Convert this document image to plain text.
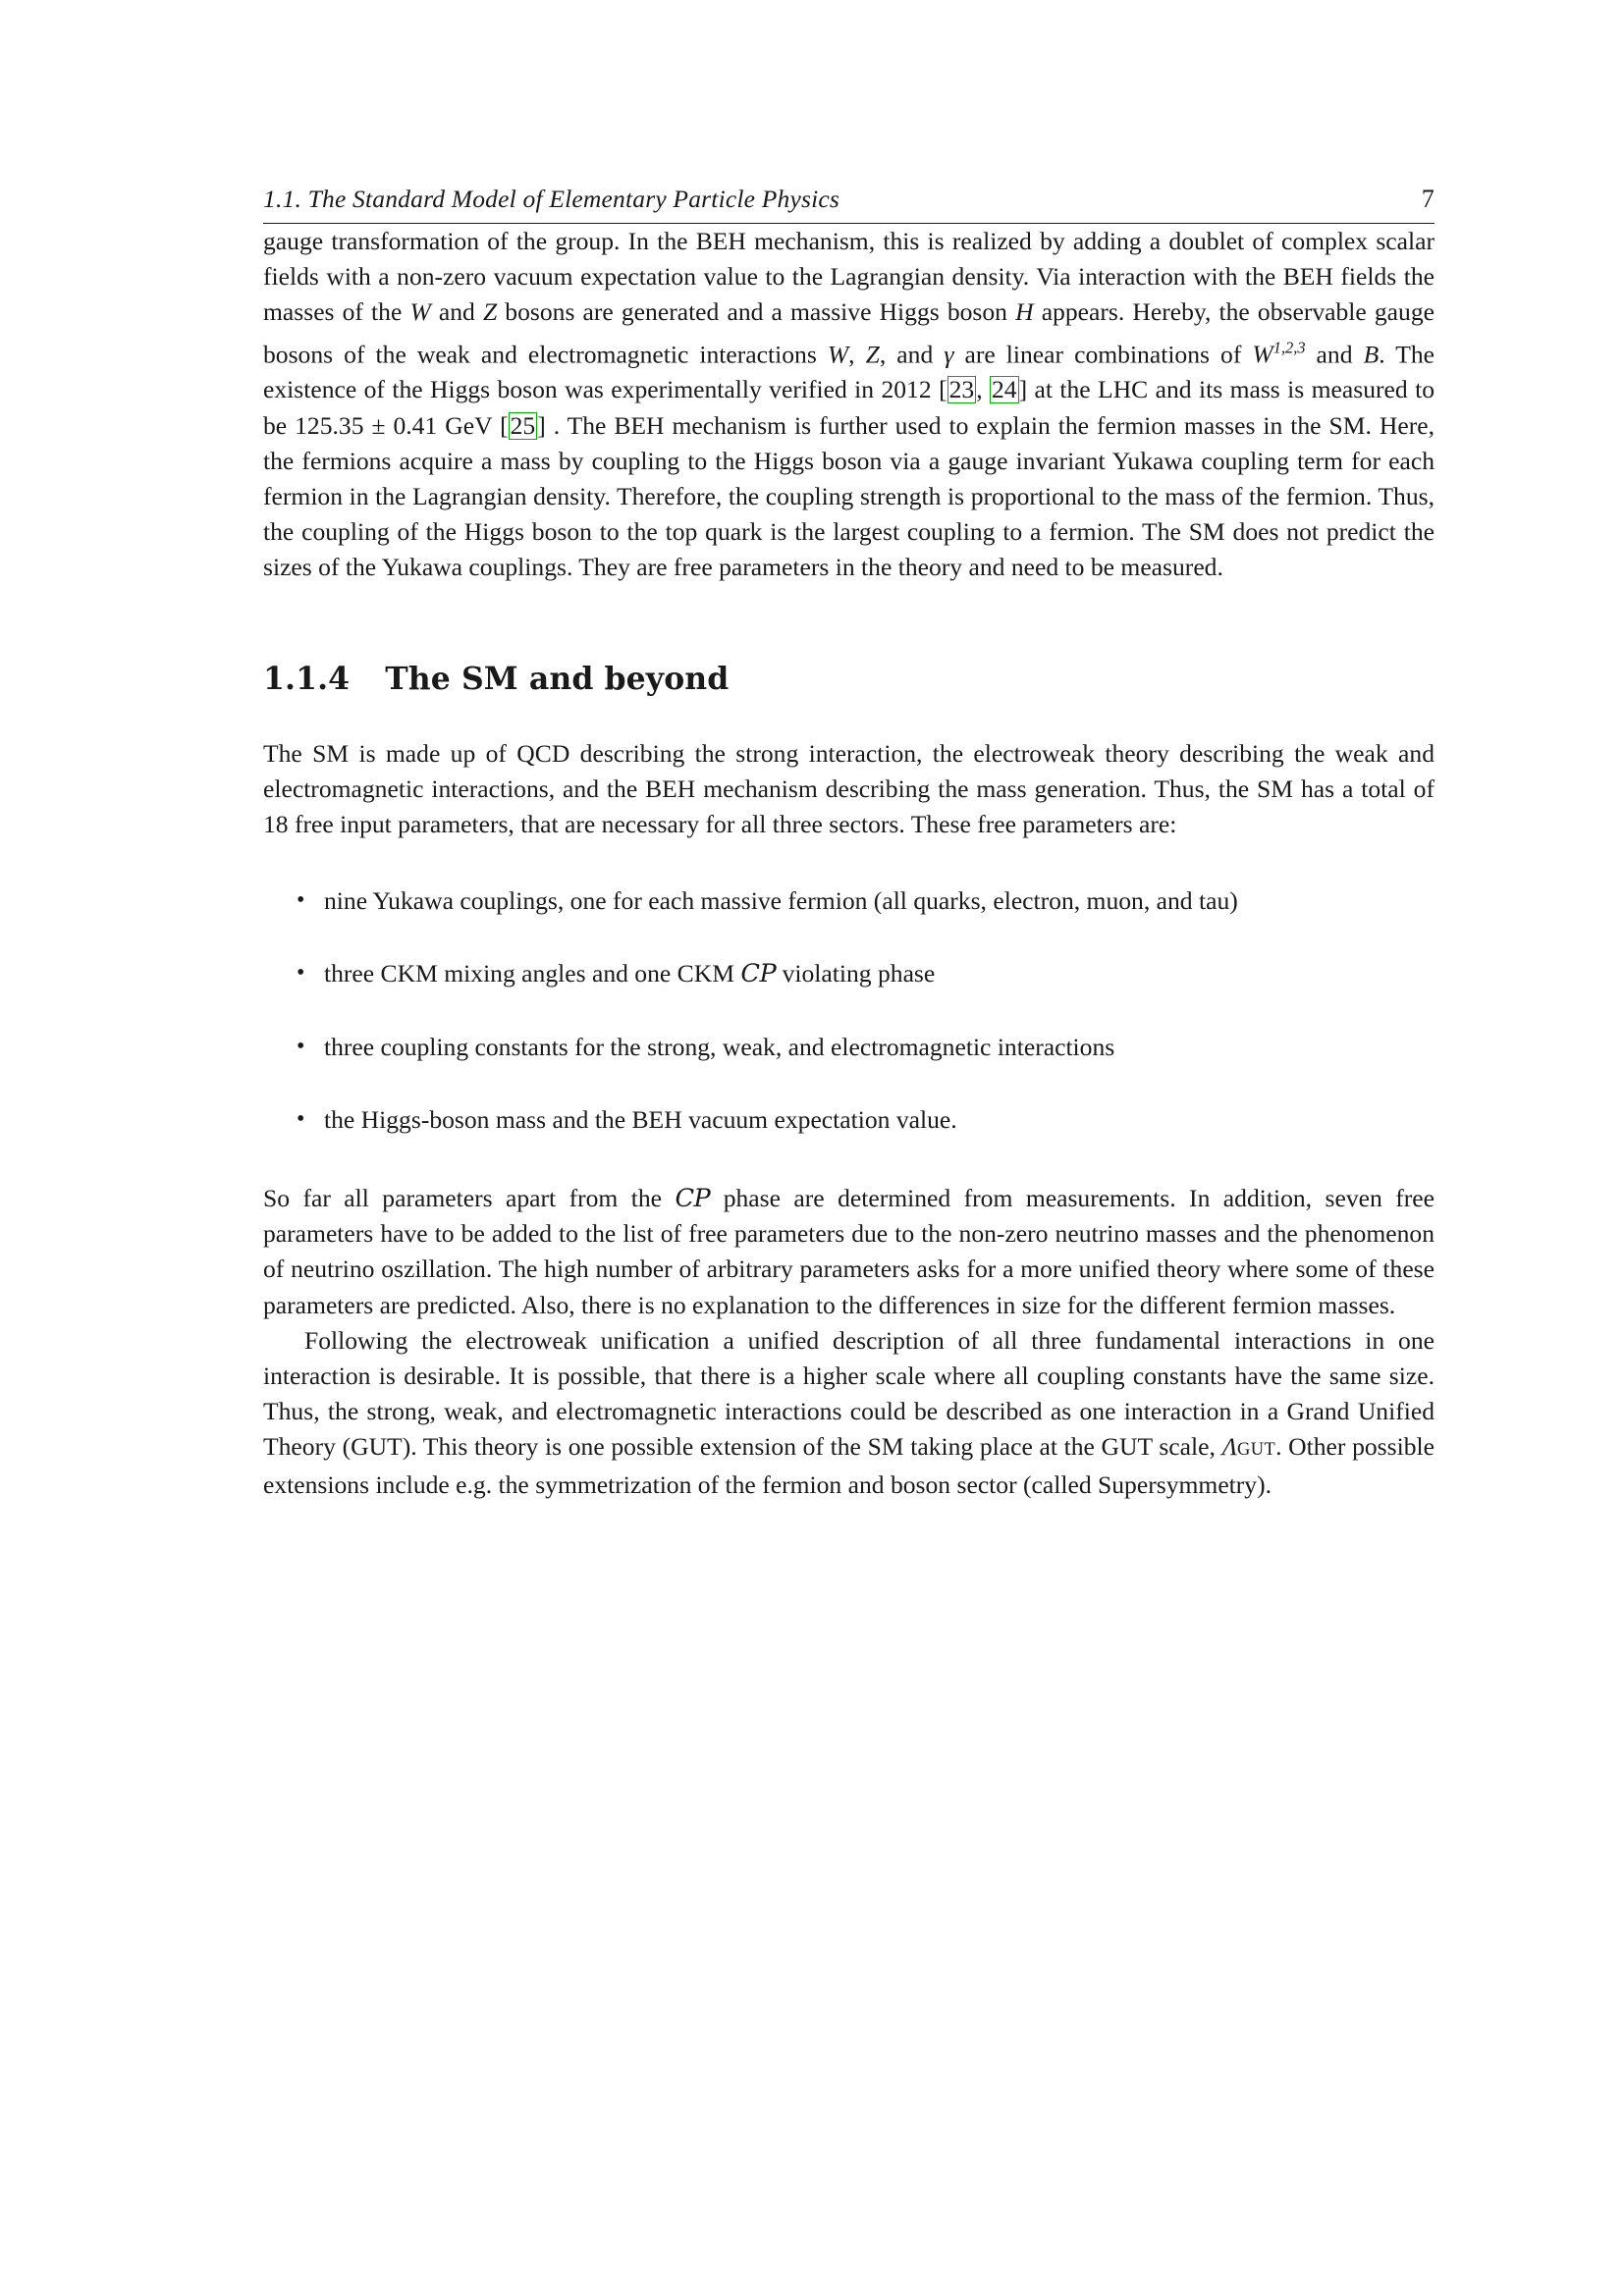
1.1. The Standard Model of Elementary Particle Physics	7

gauge transformation of the group. In the BEH mechanism, this is realized by adding a doublet of complex scalar fields with a non-zero vacuum expectation value to the Lagrangian density. Via interaction with the BEH fields the masses of the W and Z bosons are generated and a massive Higgs boson H appears. Hereby, the observable gauge bosons of the weak and electromagnetic interactions W, Z, and γ are linear combinations of W$^{1,2,3}$ and B. The existence of the Higgs boson was experimentally verified in 2012 [23, 24] at the LHC and its mass is measured to be 125.35 ± 0.41 GeV [25] . The BEH mechanism is further used to explain the fermion masses in the SM. Here, the fermions acquire a mass by coupling to the Higgs boson via a gauge invariant Yukawa coupling term for each fermion in the Lagrangian density. Therefore, the coupling strength is proportional to the mass of the fermion. Thus, the coupling of the Higgs boson to the top quark is the largest coupling to a fermion. The SM does not predict the sizes of the Yukawa couplings. They are free parameters in the theory and need to be measured.

1.1.4 The SM and beyond

The SM is made up of QCD describing the strong interaction, the electroweak theory describing the weak and electromagnetic interactions, and the BEH mechanism describing the mass generation. Thus, the SM has a total of 18 free input parameters, that are necessary for all three sectors. These free parameters are:

• nine Yukawa couplings, one for each massive fermion (all quarks, electron, muon, and tau)
• three CKM mixing angles and one CKM CP violating phase
• three coupling constants for the strong, weak, and electromagnetic interactions
• the Higgs-boson mass and the BEH vacuum expectation value.

So far all parameters apart from the CP phase are determined from measurements. In addition, seven free parameters have to be added to the list of free parameters due to the non-zero neutrino masses and the phenomenon of neutrino oszillation. The high number of arbitrary parameters asks for a more unified theory where some of these parameters are predicted. Also, there is no explanation to the differences in size for the different fermion masses.

Following the electroweak unification a unified description of all three fundamental interactions in one interaction is desirable. It is possible, that there is a higher scale where all coupling constants have the same size. Thus, the strong, weak, and electromagnetic interactions could be described as one interaction in a Grand Unified Theory (GUT). This theory is one possible extension of the SM taking place at the GUT scale, ΛGUT. Other possible extensions include e.g. the symmetrization of the fermion and boson sector (called Supersymmetry).
